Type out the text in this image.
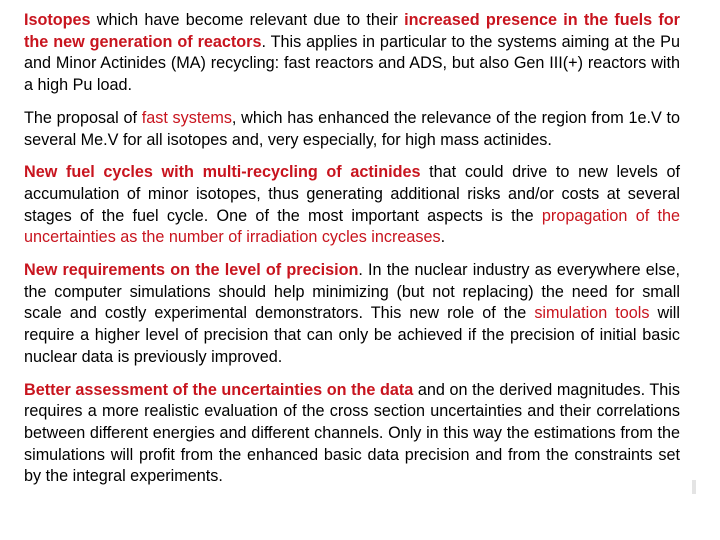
Isotopes which have become relevant due to their increased presence in the fuels for the new generation of reactors. This applies in particular to the systems aiming at the Pu and Minor Actinides (MA) recycling: fast reactors and ADS, but also Gen III(+) reactors with a high Pu load.

The proposal of fast systems, which has enhanced the relevance of the region from 1e.V to several Me.V for all isotopes and, very especially, for high mass actinides.

New fuel cycles with multi-recycling of actinides that could drive to new levels of accumulation of minor isotopes, thus generating additional risks and/or costs at several stages of the fuel cycle. One of the most important aspects is the propagation of the uncertainties as the number of irradiation cycles increases.

New requirements on the level of precision. In the nuclear industry as everywhere else, the computer simulations should help minimizing (but not replacing) the need for small scale and costly experimental demonstrators. This new role of the simulation tools will require a higher level of precision that can only be achieved if the precision of initial basic nuclear data is previously improved.

Better assessment of the uncertainties on the data and on the derived magnitudes. This requires a more realistic evaluation of the cross section uncertainties and their correlations between different energies and different channels. Only in this way the estimations from the simulations will profit from the enhanced basic data precision and from the constraints set by the integral experiments.
